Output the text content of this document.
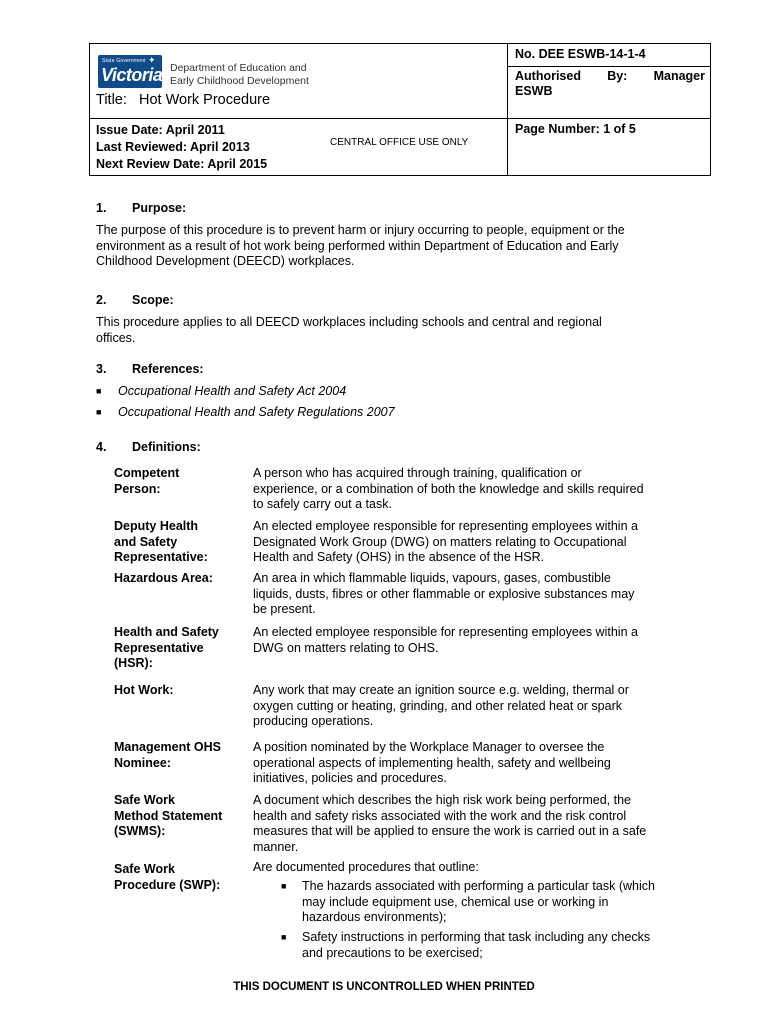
State Government ✦
Victoria Department of Education and
Early Childhood Development
Title: Hot Work Procedure
Issue Date: April 2011
Last Reviewed: April 2013
Next Review Date: April 2015
CENTRAL OFFICE USE ONLY
No. DEE ESWB-14-1-4
Authorised By: Manager
ESWB
Page Number: 1 of 5
1. Purpose:
The purpose of this procedure is to prevent harm or injury occurring to people, equipment or the
environment as a result of hot work being performed within Department of Education and Early
Childhood Development (DEECD) workplaces.
2. Scope:
This procedure applies to all DEECD workplaces including schools and central and regional
offices.
3. References:
■ Occupational Health and Safety Act 2004
■ Occupational Health and Safety Regulations 2007
4. Definitions:
Competent
Person:
A person who has acquired through training, qualification or
experience, or a combination of both the knowledge and skills required
to safely carry out a task.
Deputy Health
and Safety
Representative:
An elected employee responsible for representing employees within a
Designated Work Group (DWG) on matters relating to Occupational
Health and Safety (OHS) in the absence of the HSR.
Hazardous Area:	An area in which flammable liquids, vapours, gases, combustible
liquids, dusts, fibres or other flammable or explosive substances may
be present.
Health and Safety
Representative
(HSR):
An elected employee responsible for representing employees within a
DWG on matters relating to OHS.
Hot Work:	Any work that may create an ignition source e.g. welding, thermal or
oxygen cutting or heating, grinding, and other related heat or spark
producing operations.
Management OHS
Nominee:
A position nominated by the Workplace Manager to oversee the
operational aspects of implementing health, safety and wellbeing
initiatives, policies and procedures.
Safe Work
Method Statement
(SWMS):
A document which describes the high risk work being performed, the
health and safety risks associated with the work and the risk control
measures that will be applied to ensure the work is carried out in a safe
manner.
Safe Work
Procedure (SWP):
Are documented procedures that outline:
■ The hazards associated with performing a particular task (which
may include equipment use, chemical use or working in
hazardous environments);
■ Safety instructions in performing that task including any checks
and precautions to be exercised;
THIS DOCUMENT IS UNCONTROLLED WHEN PRINTED
